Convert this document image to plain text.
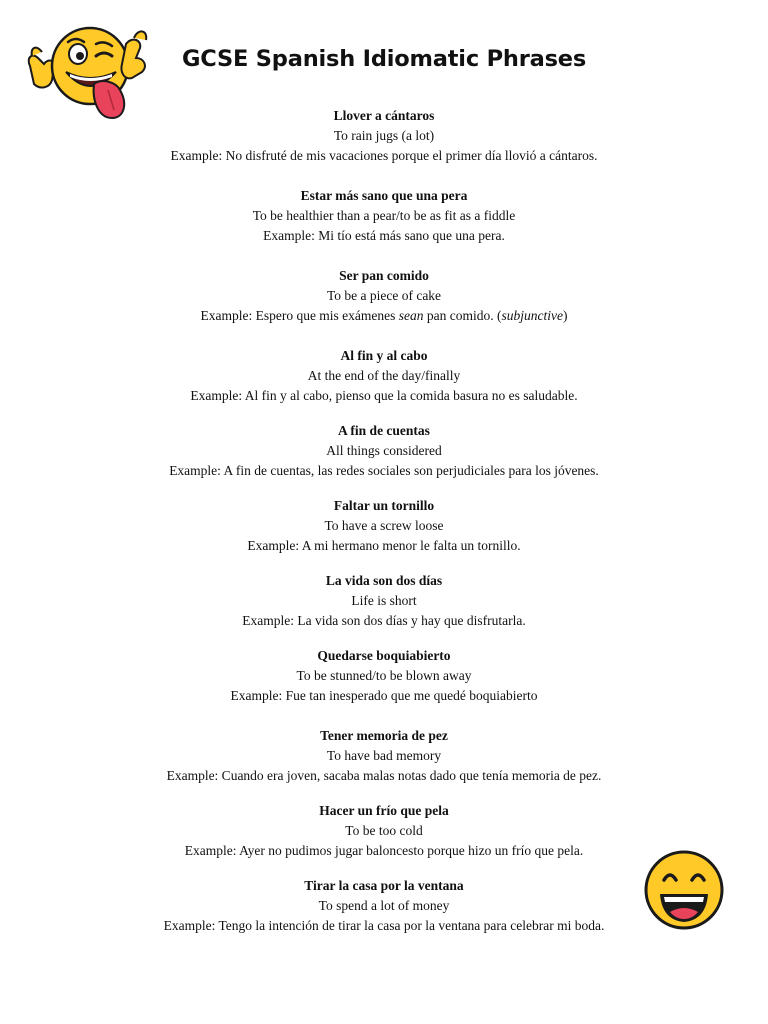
GCSE Spanish Idiomatic Phrases
Llover a cántaros
To rain jugs (a lot)
Example: No disfruté de mis vacaciones porque el primer día llovió a cántaros.
Estar más sano que una pera
To be healthier than a pear/to be as fit as a fiddle
Example: Mi tío está más sano que una pera.
Ser pan comido
To be a piece of cake
Example: Espero que mis exámenes sean pan comido. (subjunctive)
Al fin y al cabo
At the end of the day/finally
Example: Al fin y al cabo, pienso que la comida basura no es saludable.
A fin de cuentas
All things considered
Example: A fin de cuentas, las redes sociales son perjudiciales para los jóvenes.
Faltar un tornillo
To have a screw loose
Example: A mi hermano menor le falta un tornillo.
La vida son dos días
Life is short
Example: La vida son dos días y hay que disfrutarla.
Quedarse boquiabierto
To be stunned/to be blown away
Example: Fue tan inesperado que me quedé boquiabierto
Tener memoria de pez
To have bad memory
Example: Cuando era joven, sacaba malas notas dado que tenía memoria de pez.
Hacer un frío que pela
To be too cold
Example: Ayer no pudimos jugar baloncesto porque hizo un frío que pela.
Tirar la casa por la ventana
To spend a lot of money
Example: Tengo la intención de tirar la casa por la ventana para celebrar mi boda.
